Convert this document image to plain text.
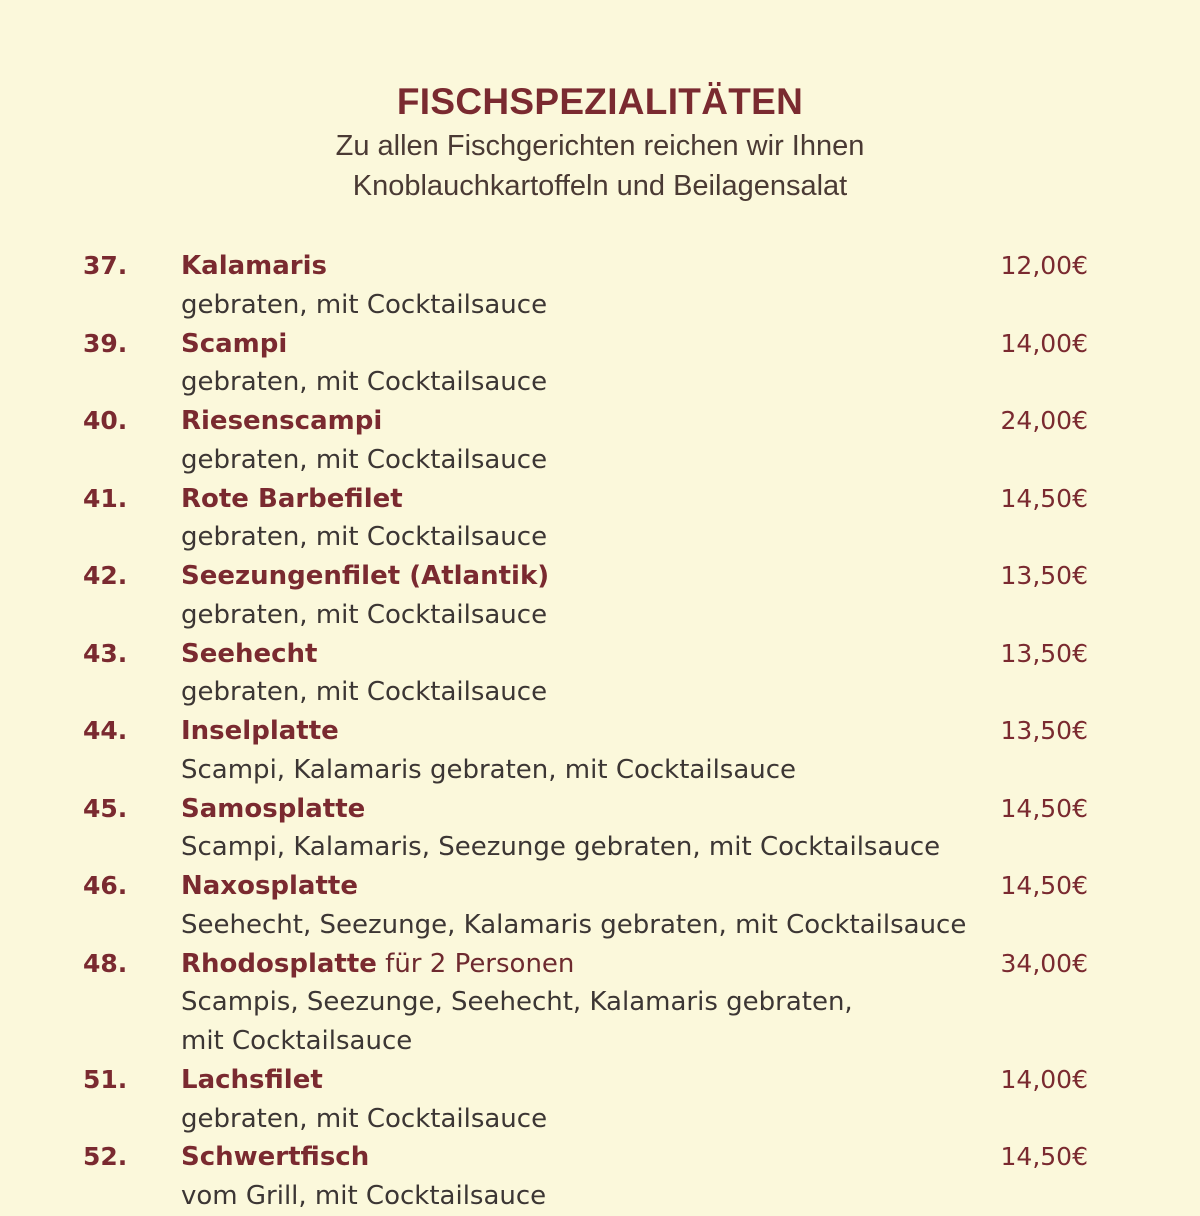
FISCHSPEZIALITÄTEN
Zu allen Fischgerichten reichen wir Ihnen
Knoblauchkartoffeln und Beilagensalat
37. Kalamaris	12,00€
gebraten, mit Cocktailsauce
39. Scampi	14,00€
gebraten, mit Cocktailsauce
40. Riesenscampi	24,00€
gebraten, mit Cocktailsauce
41. Rote Barbefilet	14,50€
gebraten, mit Cocktailsauce
42. Seezungenfilet (Atlantik)	13,50€
gebraten, mit Cocktailsauce
43. Seehecht	13,50€
gebraten, mit Cocktailsauce
44. Inselplatte	13,50€
Scampi, Kalamaris gebraten, mit Cocktailsauce
45. Samosplatte	14,50€
Scampi, Kalamaris, Seezunge gebraten, mit Cocktailsauce
46. Naxosplatte	14,50€
Seehecht, Seezunge, Kalamaris gebraten, mit Cocktailsauce
48. Rhodosplatte für 2 Personen	34,00€
Scampis, Seezunge, Seehecht, Kalamaris gebraten,
mit Cocktailsauce
51. Lachsfilet	14,00€
gebraten, mit Cocktailsauce
52. Schwertfisch	14,50€
vom Grill, mit Cocktailsauce
